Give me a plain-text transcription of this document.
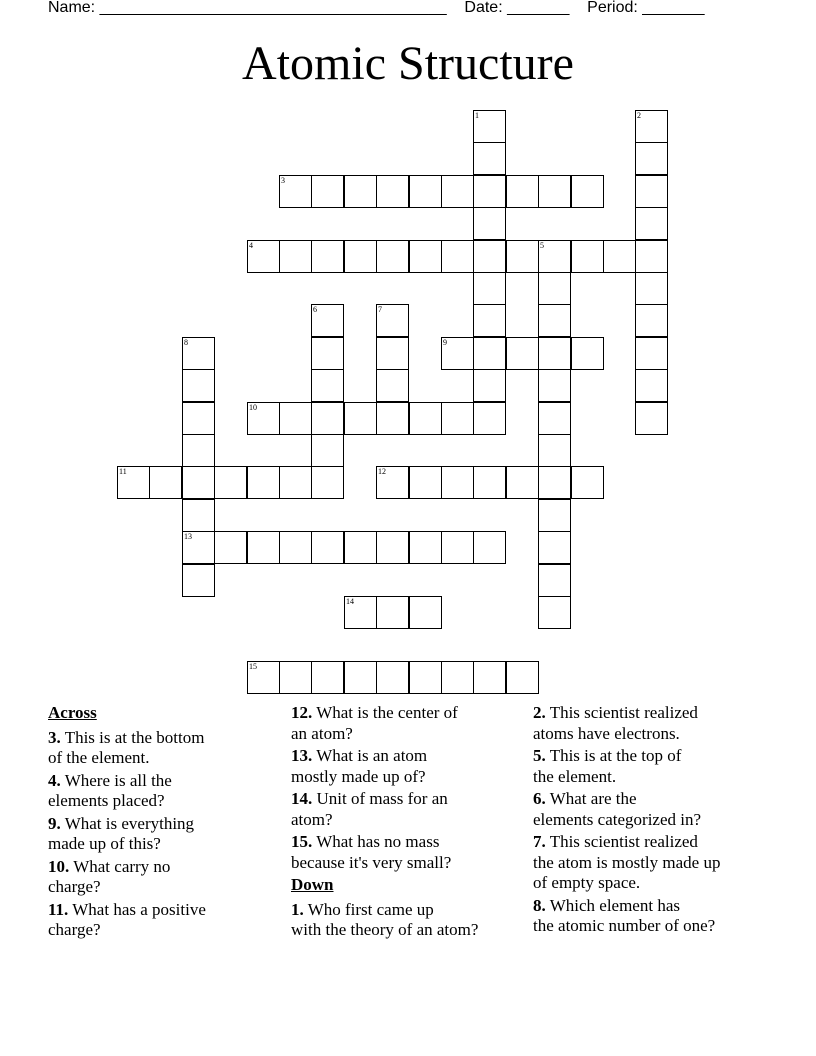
Name: _______________________________________    Date: _______    Period: _______
Atomic Structure
1	2
3
4	5
6	7
8
13
9
10
11	12
14
15
Across
3. This is at the bottom
of the element.
4. Where is all the
elements placed?
9. What is everything
made up of this?
10. What carry no
charge?
11. What has a positive
charge?
12. What is the center of
an atom?
13. What is an atom
mostly made up of?
14. Unit of mass for an
atom?
15. What has no mass
because it's very small?
Down
1. Who first came up
with the theory of an atom?
2. This scientist realized
atoms have electrons.
5. This is at the top of
the element.
6. What are the
elements categorized in?
7. This scientist realized
the atom is mostly made up
of empty space.
8. Which element has
the atomic number of one?
